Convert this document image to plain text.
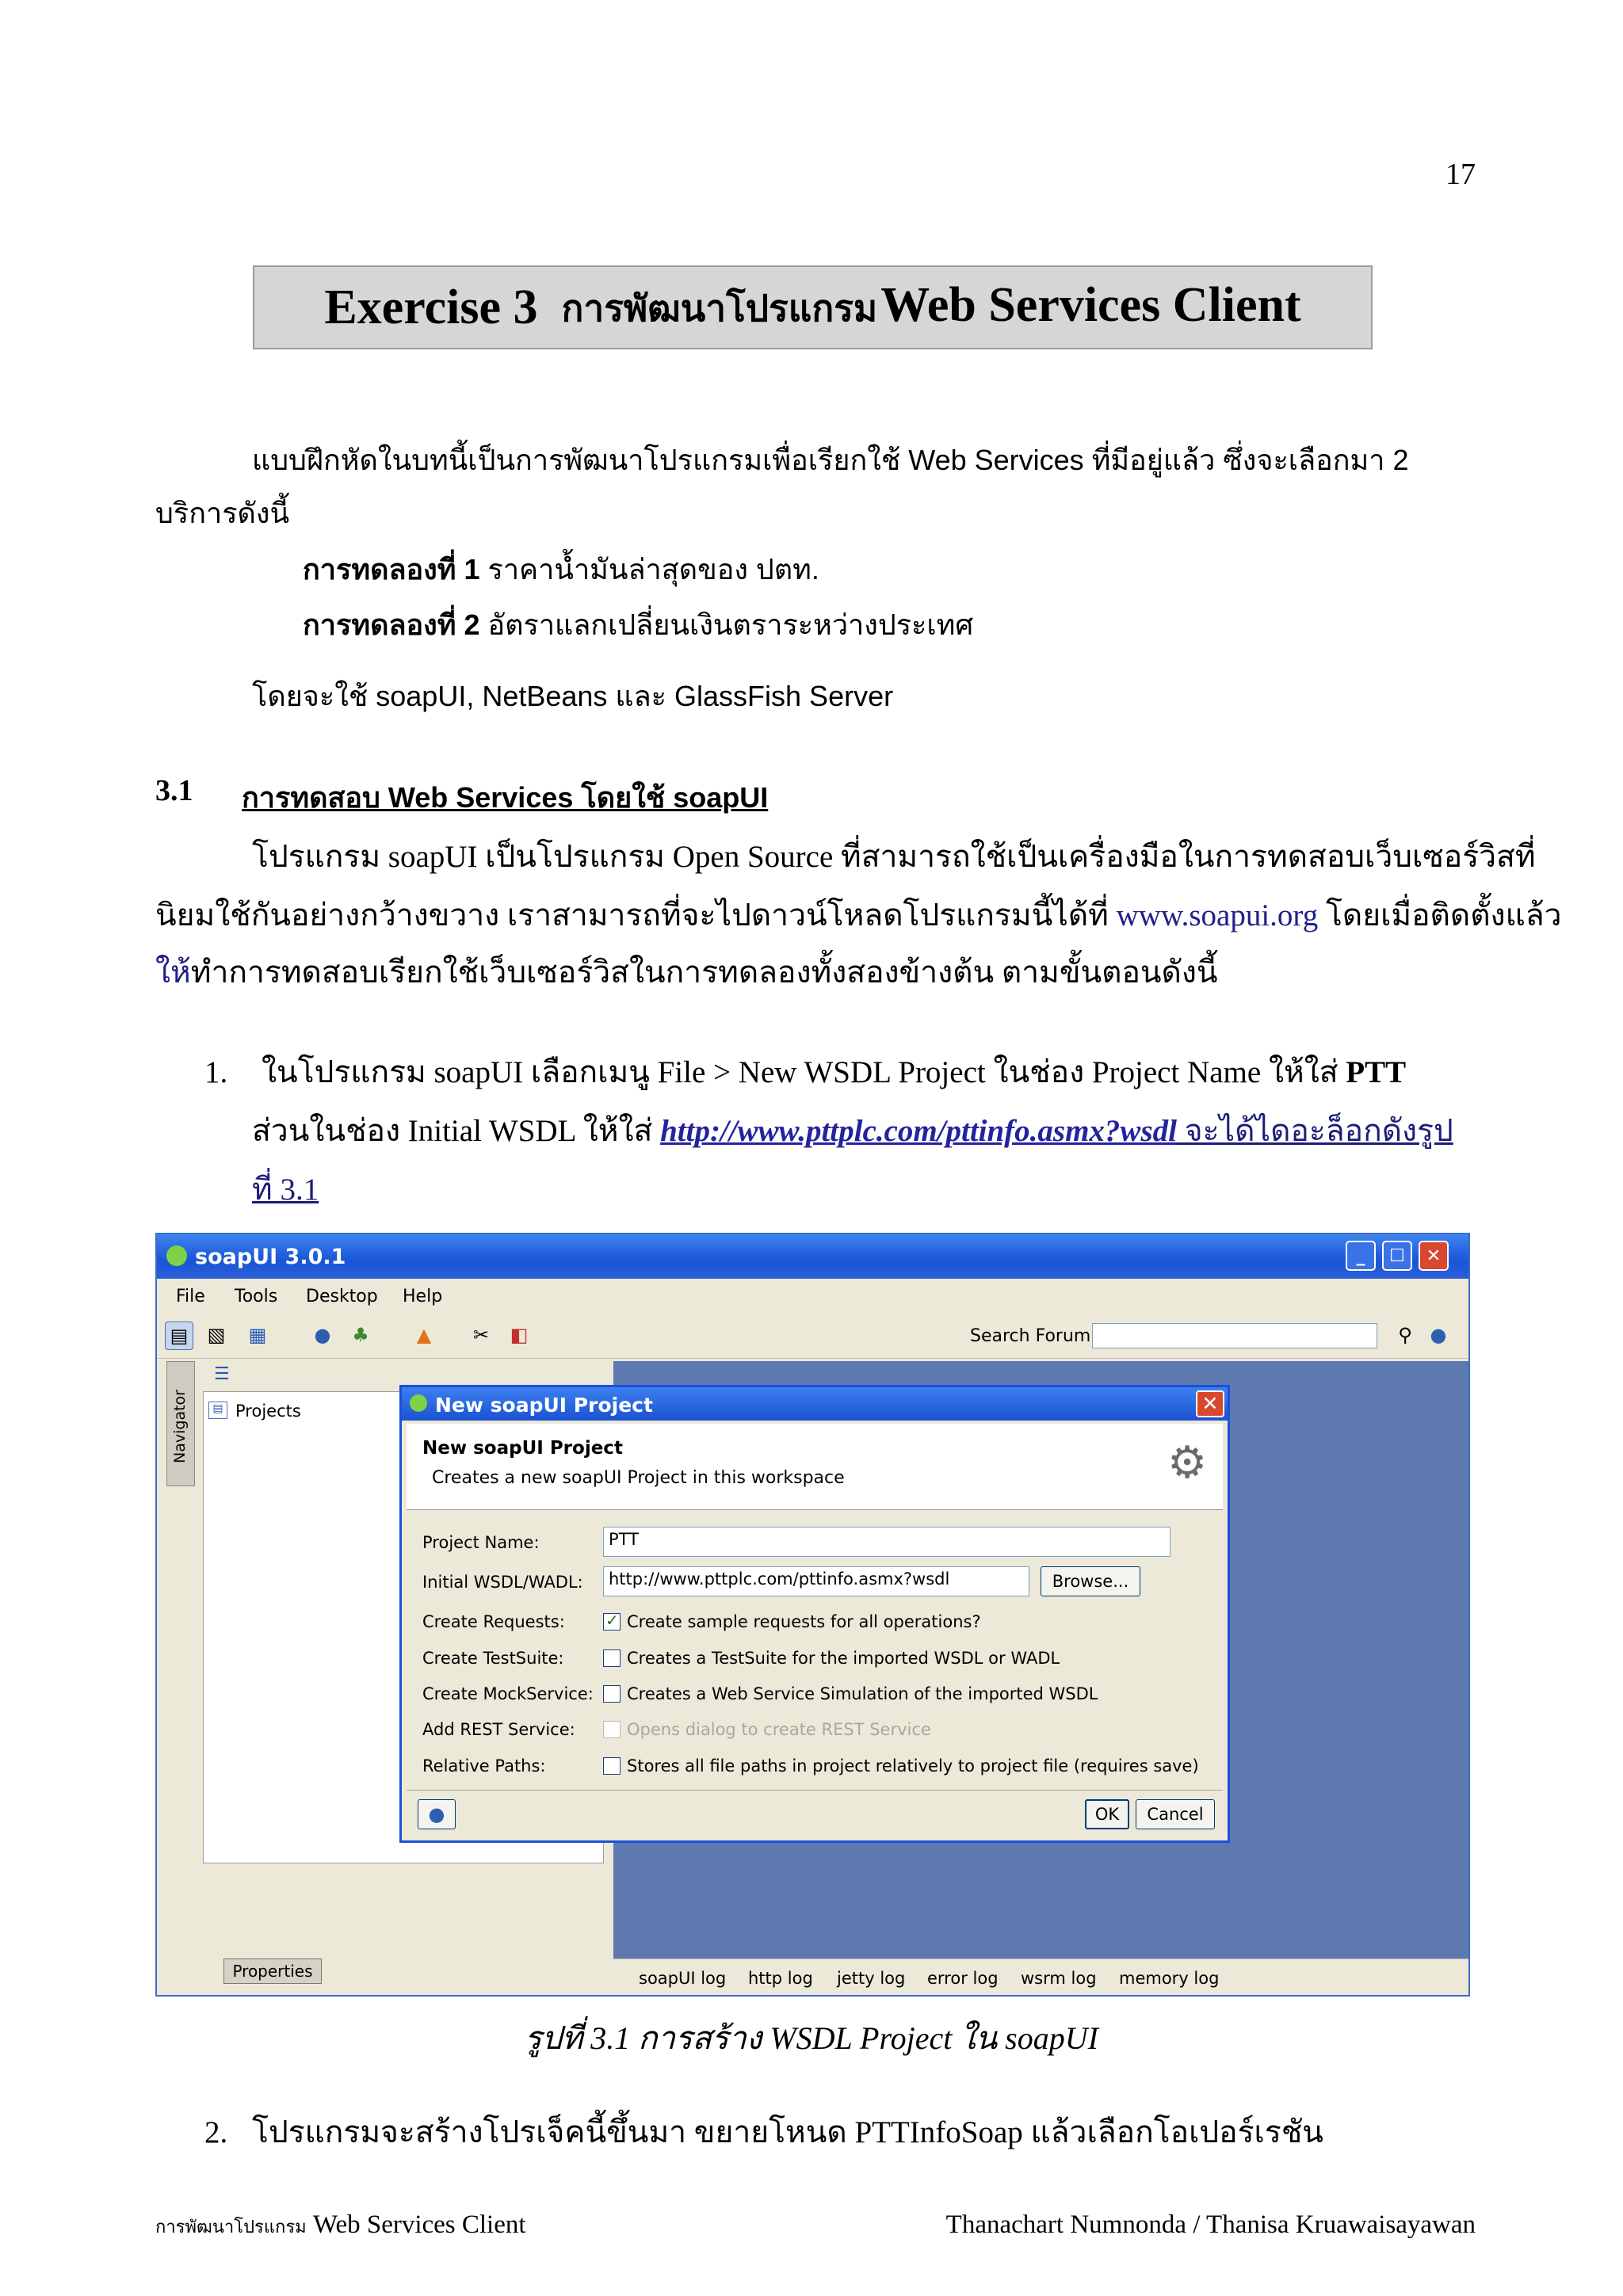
17
Exercise 3 การพัฒนาโปรแกรม Web Services Client
แบบฝึกหัดในบทนี้เป็นการพัฒนาโปรแกรมเพื่อเรียกใช้ Web Services ที่มีอยู่แล้ว ซึ่งจะเลือกมา 2
บริการดังนี้
การทดลองที่ 1 ราคาน้ำมันล่าสุดของ ปตท.
การทดลองที่ 2 อัตราแลกเปลี่ยนเงินตราระหว่างประเทศ
โดยจะใช้ soapUI, NetBeans และ GlassFish Server
3.1 การทดสอบ Web Services โดยใช้ soapUI
โปรแกรม soapUI เป็นโปรแกรม Open Source ที่สามารถใช้เป็นเครื่องมือในการทดสอบเว็บเซอร์วิสที่
นิยมใช้กันอย่างกว้างขวาง เราสามารถที่จะไปดาวน์โหลดโปรแกรมนี้ได้ที่ www.soapui.org โดยเมื่อติดตั้งแล้ว
ให้ทำการทดสอบเรียกใช้เว็บเซอร์วิสในการทดลองทั้งสองข้างต้น ตามขั้นตอนดังนี้
1. ในโปรแกรม soapUI เลือกเมนู File > New WSDL Project ในช่อง Project Name ให้ใส่ PTT
ส่วนในช่อง Initial WSDL ให้ใส่ http://www.pttplc.com/pttinfo.asmx?wsdl จะได้ไดอะล็อกดังรูป
ที่ 3.1
soapUI 3.0.1	_	☐	✕
File Tools Desktop Help
▤ ▧ ▦	● ♣	▲	✂ ◧	Search Forum	⚲ ●
Navigator
☰
▤ Projects
Properties	soapUI log http log jetty log error log wsrm log memory log
New soapUI Project	✕
New soapUI Project
Creates a new soapUI Project in this workspace	⚙
Project Name:	PTT
Initial WSDL/WADL:	http://www.pttplc.com/pttinfo.asmx?wsdl	Browse...
Create Requests:
✓	Create sample requests for all operations?
Create TestSuite:	Creates a TestSuite for the imported WSDL or WADL
Create MockService: Creates a Web Service Simulation of the imported WSDL
Add REST Service:	Opens dialog to create REST Service
Relative Paths:	Stores all file paths in project relatively to project file (requires save)
●	OK	Cancel
รูปที่ 3.1 การสร้าง WSDL Project ใน soapUI
2. โปรแกรมจะสร้างโปรเจ็คนี้ขึ้นมา ขยายโหนด PTTInfoSoap แล้วเลือกโอเปอร์เรชัน
การพัฒนาโปรแกรม Web Services Client	Thanachart Numnonda / Thanisa Kruawaisayawan
